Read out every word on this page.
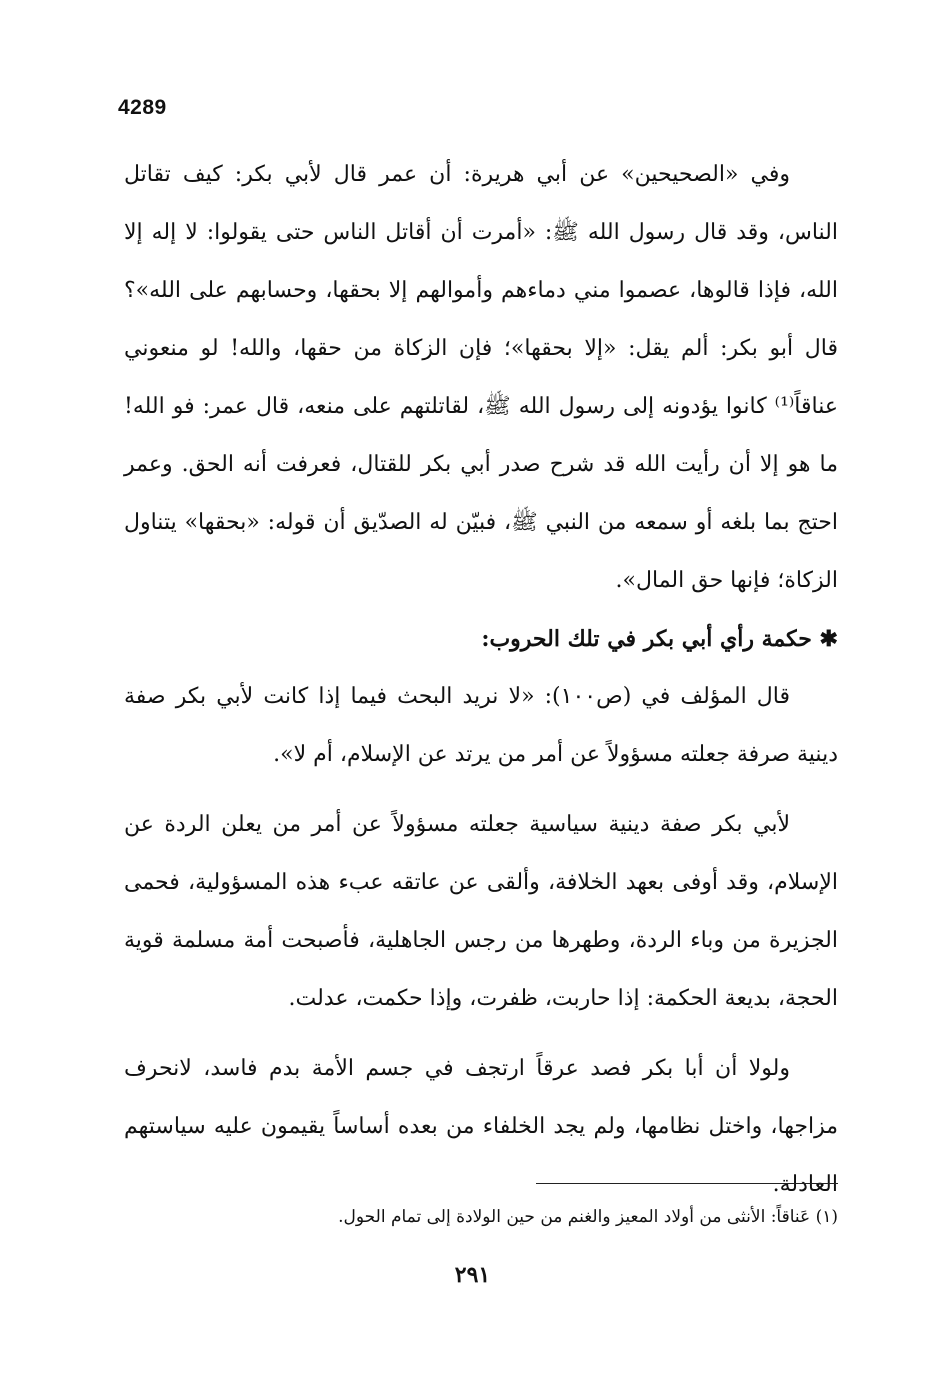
4289

وفي «الصحيحين» عن أبي هريرة: أن عمر قال لأبي بكر: كيف تقاتل الناس، وقد قال رسول الله ﷺ: «أمرت أن أقاتل الناس حتى يقولوا: لا إله إلا الله، فإذا قالوها، عصموا مني دماءهم وأموالهم إلا بحقها، وحسابهم على الله»؟ قال أبو بكر: ألم يقل: «إلا بحقها»؛ فإن الزكاة من حقها، والله! لو منعوني عناقاً⁽¹⁾ كانوا يؤدونه إلى رسول الله ﷺ، لقاتلتهم على منعه، قال عمر: فو الله! ما هو إلا أن رأيت الله قد شرح صدر أبي بكر للقتال، فعرفت أنه الحق. وعمر احتج بما بلغه أو سمعه من النبي ﷺ، فبيّن له الصدّيق أن قوله: «بحقها» يتناول الزكاة؛ فإنها حق المال».

✱ حكمة رأي أبي بكر في تلك الحروب:

قال المؤلف في (ص١٠٠): «لا نريد البحث فيما إذا كانت لأبي بكر صفة دينية صرفة جعلته مسؤولاً عن أمر من يرتد عن الإسلام، أم لا».

لأبي بكر صفة دينية سياسية جعلته مسؤولاً عن أمر من يعلن الردة عن الإسلام، وقد أوفى بعهد الخلافة، وألقى عن عاتقه عبء هذه المسؤولية، فحمى الجزيرة من وباء الردة، وطهرها من رجس الجاهلية، فأصبحت أمة مسلمة قوية الحجة، بديعة الحكمة: إذا حاربت، ظفرت، وإذا حكمت، عدلت.

ولولا أن أبا بكر فصد عرقاً ارتجف في جسم الأمة بدم فاسد، لانحرف مزاجها، واختل نظامها، ولم يجد الخلفاء من بعده أساساً يقيمون عليه سياستهم العادلة.

(١) عَناقاً: الأنثى من أولاد المعيز والغنم من حين الولادة إلى تمام الحول.
٢٩١
